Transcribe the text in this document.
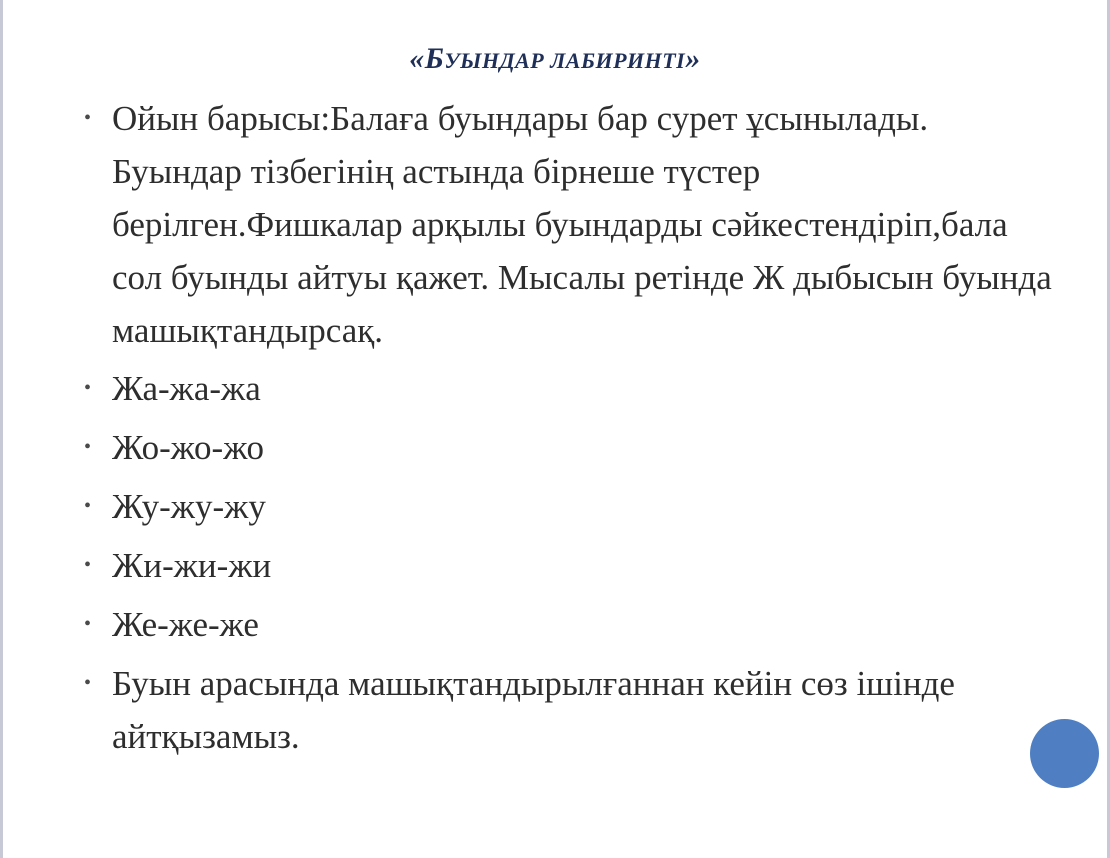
«БУЫНДАР ЛАБИРИНТІ»
• Ойын барысы:Балаға буындары бар сурет ұсынылады. Буындар тізбегінің астында бірнеше түстер берілген.Фишкалар арқылы буындарды сәйкестендіріп,бала сол буынды айтуы қажет. Мысалы ретінде Ж дыбысын буында машықтандырсақ.
• Жа-жа-жа
• Жо-жо-жо
• Жу-жу-жу
• Жи-жи-жи
• Же-же-же
• Буын арасында машықтандырылғаннан кейін сөз ішінде айтқызамыз.
